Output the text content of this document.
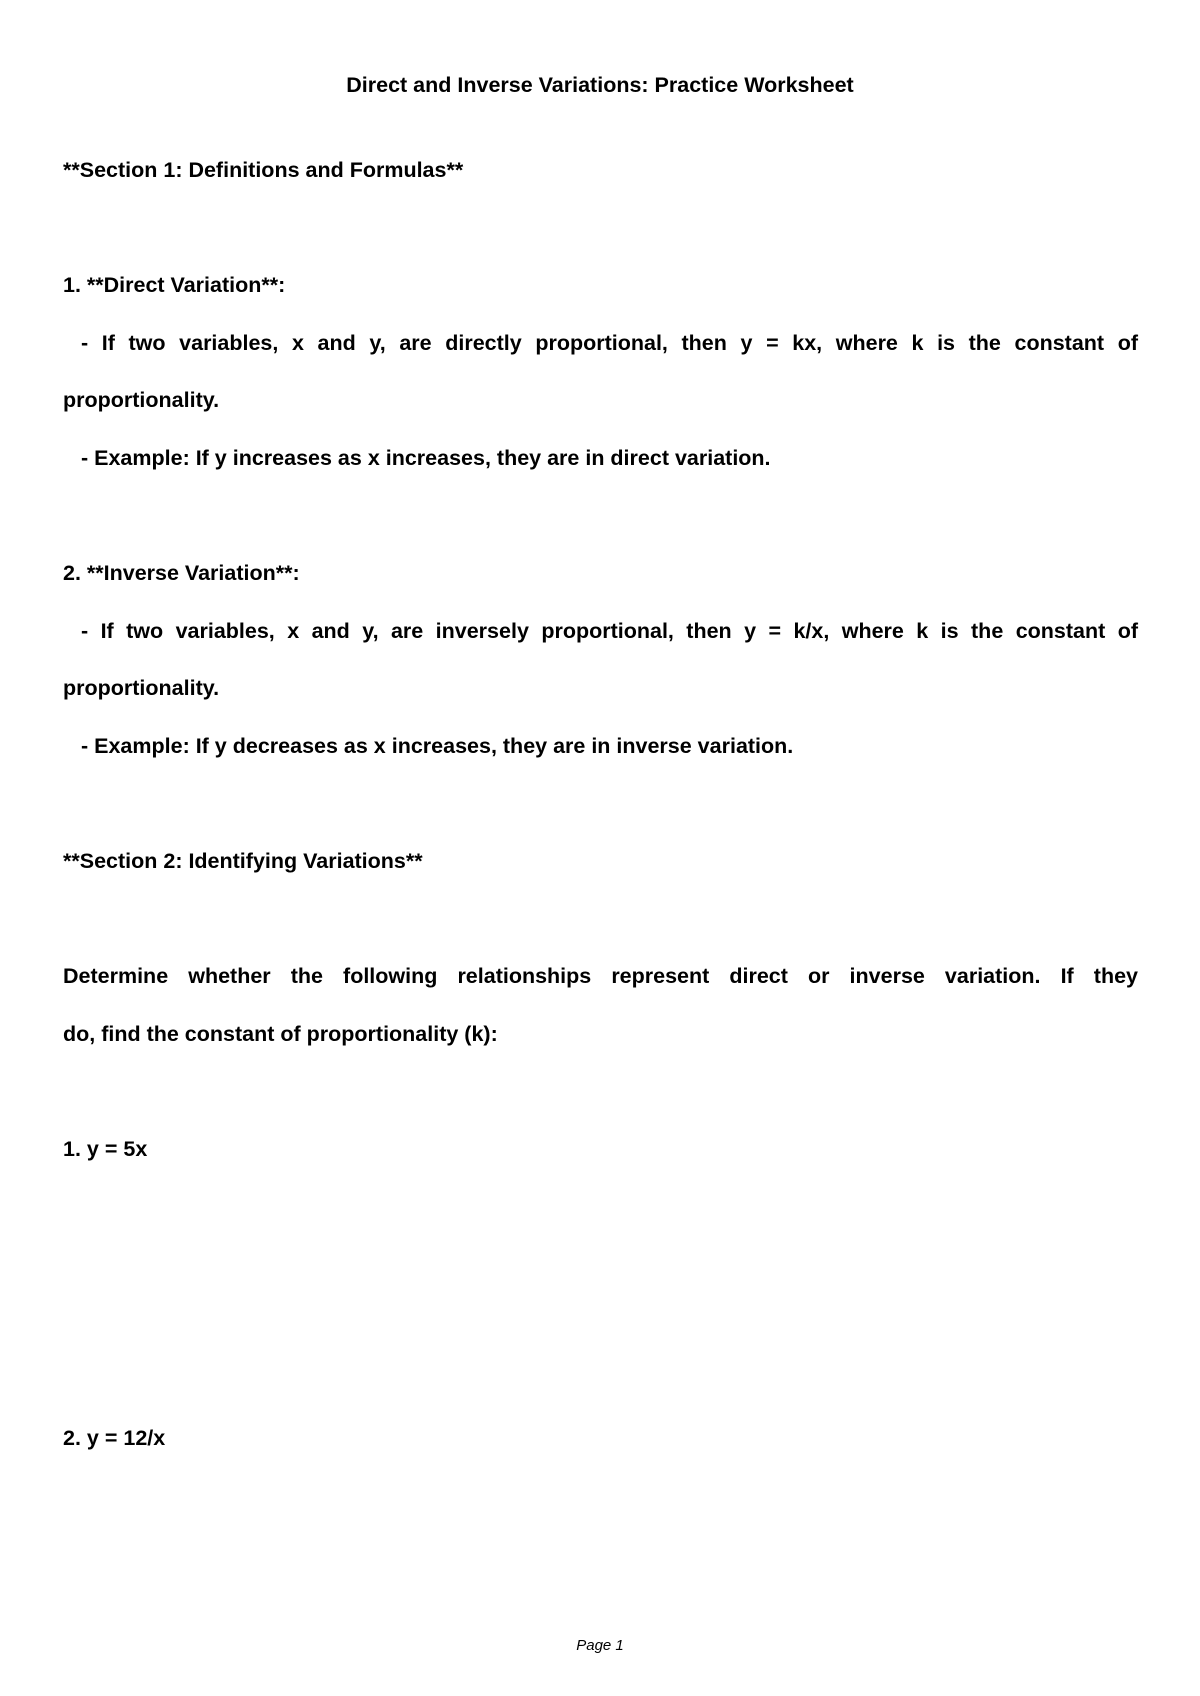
Direct and Inverse Variations: Practice Worksheet

**Section 1: Definitions and Formulas**

1. **Direct Variation**:

- If two variables, x and y, are directly proportional, then y = kx, where k is the constant of

proportionality.

- Example: If y increases as x increases, they are in direct variation.

2. **Inverse Variation**:

- If two variables, x and y, are inversely proportional, then y = k/x, where k is the constant of

proportionality.

- Example: If y decreases as x increases, they are in inverse variation.

**Section 2: Identifying Variations**

Determine whether the following relationships represent direct or inverse variation. If they

do, find the constant of proportionality (k):

1. y = 5x

2. y = 12/x

Page 1
